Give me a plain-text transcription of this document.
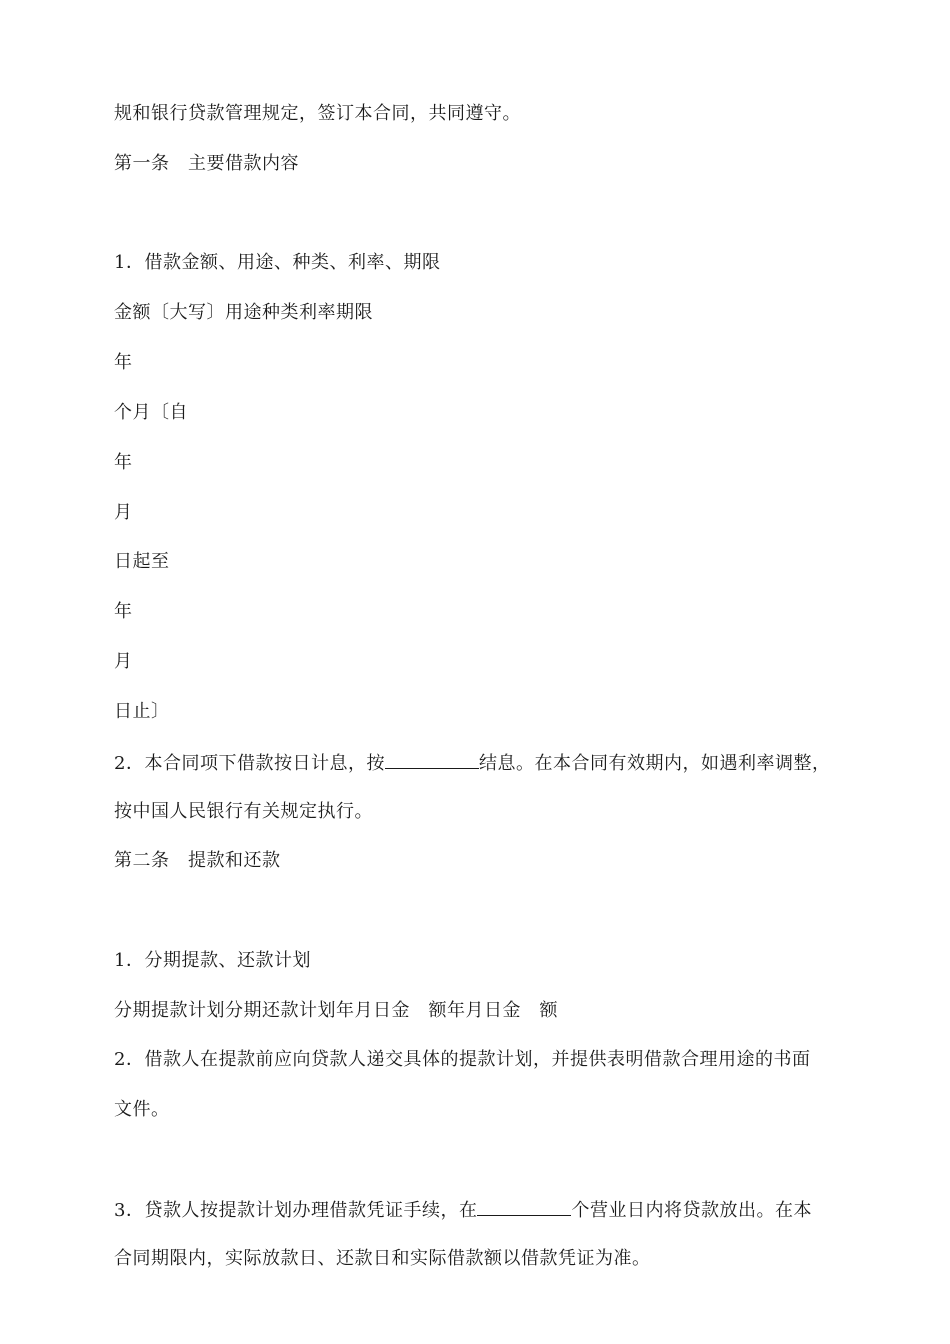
规和银行贷款管理规定，签订本合同，共同遵守。
第一条　主要借款内容
1．借款金额、用途、种类、利率、期限
金额〔大写〕用途种类利率期限
年
个月〔自
年
月
日起至
年
月
日止〕
2．本合同项下借款按日计息，按	结息。在本合同有效期内，如遇利率调整，
按中国人民银行有关规定执行。
第二条　提款和还款
1．分期提款、还款计划
分期提款计划分期还款计划年月日金　额年月日金　额
2．借款人在提款前应向贷款人递交具体的提款计划，并提供表明借款合理用途的书面
文件。
3．贷款人按提款计划办理借款凭证手续，在	个营业日内将贷款放出。在本
合同期限内，实际放款日、还款日和实际借款额以借款凭证为准。
